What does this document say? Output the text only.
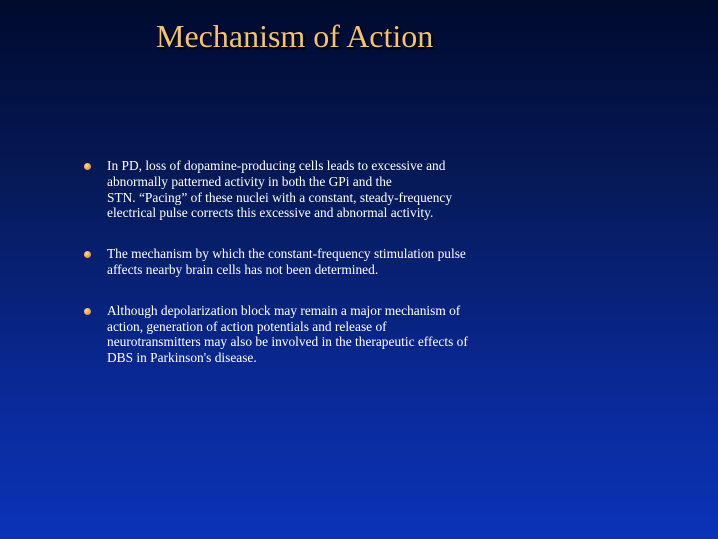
Mechanism of Action
In PD, loss of dopamine-producing cells leads to excessive and
abnormally patterned activity in both the GPi and the
STN. “Pacing” of these nuclei with a constant, steady-frequency
electrical pulse corrects this excessive and abnormal activity.
The mechanism by which the constant-frequency stimulation pulse
affects nearby brain cells has not been determined.
Although depolarization block may remain a major mechanism of
action, generation of action potentials and release of
neurotransmitters may also be involved in the therapeutic effects of
DBS in Parkinson's disease.
